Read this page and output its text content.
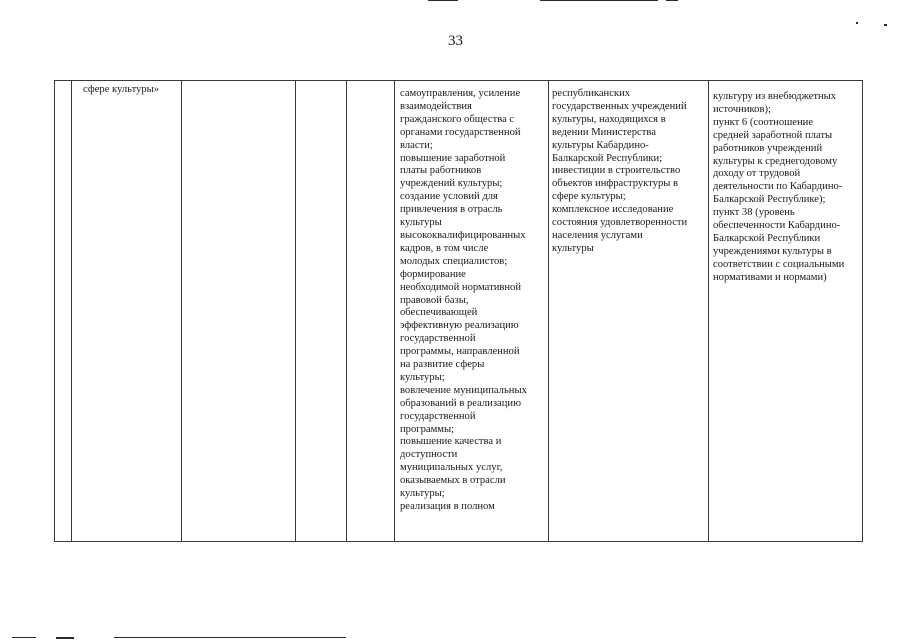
33
сфере культуры»	самоуправления, усиление
взаимодействия
гражданского общества с
органами государственной
власти;
повышение заработной
платы работников
учреждений культуры;
создание условий для
привлечения в отрасль
культуры
высококвалифицированных
кадров, в том числе
молодых специалистов;
формирование
необходимой нормативной
правовой базы,
обеспечивающей
эффективную реализацию
государственной
программы, направленной
на развитие сферы
культуры;
вовлечение муниципальных
образований в реализацию
государственной
программы;
повышение качества и
доступности
муниципальных услуг,
оказываемых в отрасли
культуры;
реализация в полном
республиканских
государственных учреждений
культуры, находящихся в
ведении Министерства
культуры Кабардино-
Балкарской Республики;
инвестиции в строительство
объектов инфраструктуры в
сфере культуры;
комплексное исследование
состояния удовлетворенности
населения услугами
культуры
культуру из внебюджетных
источников);
пункт 6 (соотношение
средней заработной платы
работников учреждений
культуры к среднегодовому
доходу от трудовой
деятельности по Кабардино-
Балкарской Республике);
пункт 38 (уровень
обеспеченности Кабардино-
Балкарской Республики
учреждениями культуры в
соответствии с социальными
нормативами и нормами)
